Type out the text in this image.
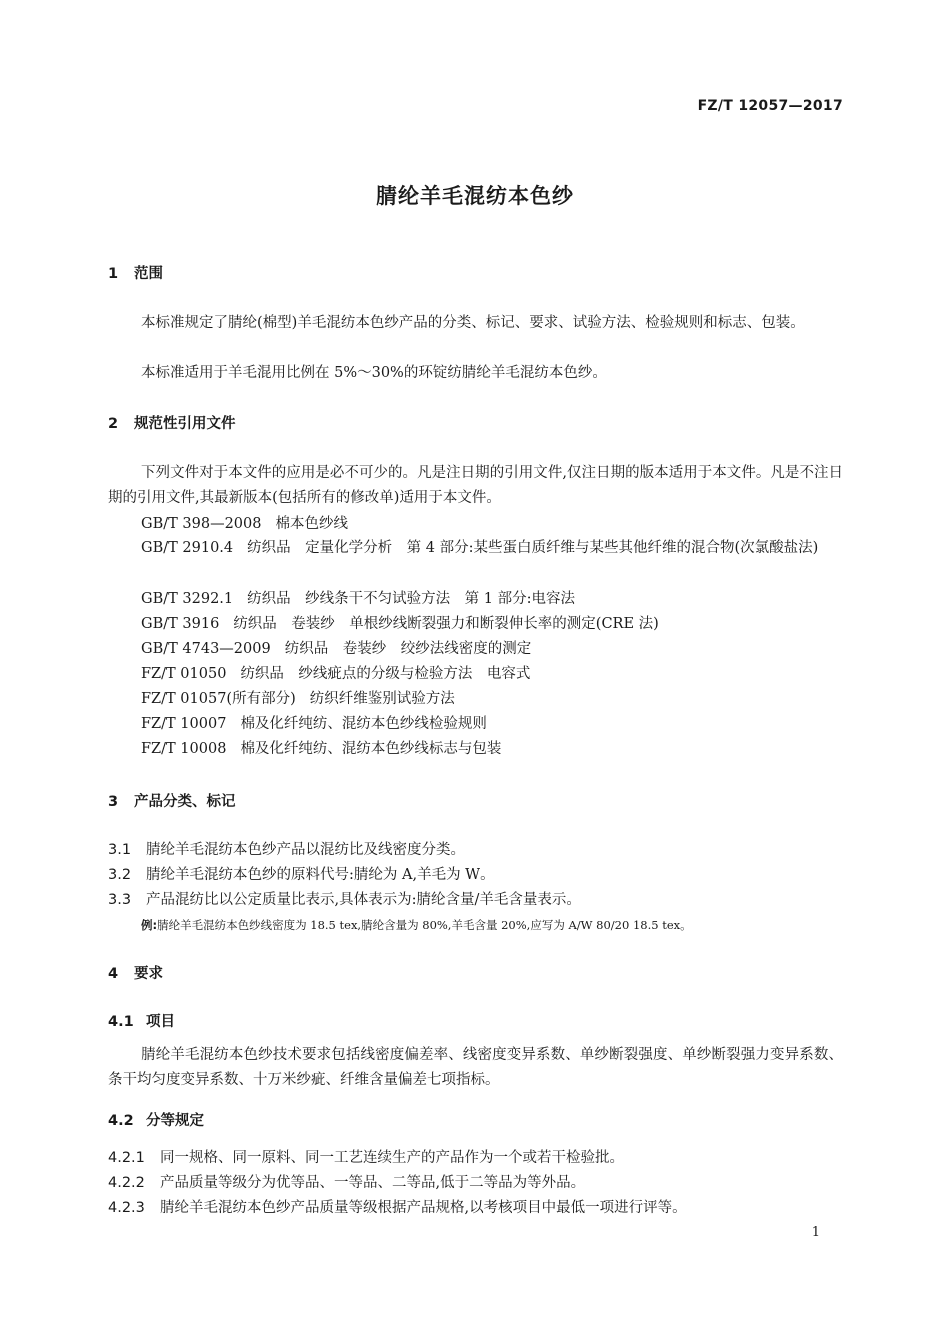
FZ/T 12057—2017
腈纶羊毛混纺本色纱
1 范围
本标准规定了腈纶(棉型)羊毛混纺本色纱产品的分类、标记、要求、试验方法、检验规则和标志、包装。
本标准适用于羊毛混用比例在 5%～30%的环锭纺腈纶羊毛混纺本色纱。
2 规范性引用文件
下列文件对于本文件的应用是必不可少的。凡是注日期的引用文件,仅注日期的版本适用于本文件。凡是不注日期的引用文件,其最新版本(包括所有的修改单)适用于本文件。
GB/T 398—2008 棉本色纱线
GB/T 2910.4 纺织品　定量化学分析　第 4 部分:某些蛋白质纤维与某些其他纤维的混合物(次氯酸盐法)
GB/T 3292.1 纺织品　纱线条干不匀试验方法　第 1 部分:电容法
GB/T 3916 纺织品　卷装纱　单根纱线断裂强力和断裂伸长率的测定(CRE 法)
GB/T 4743—2009 纺织品　卷装纱　绞纱法线密度的测定
FZ/T 01050 纺织品　纱线疵点的分级与检验方法　电容式
FZ/T 01057(所有部分) 纺织纤维鉴别试验方法
FZ/T 10007 棉及化纤纯纺、混纺本色纱线检验规则
FZ/T 10008 棉及化纤纯纺、混纺本色纱线标志与包装
3 产品分类、标记
3.1 腈纶羊毛混纺本色纱产品以混纺比及线密度分类。
3.2 腈纶羊毛混纺本色纱的原料代号:腈纶为 A,羊毛为 W。
3.3 产品混纺比以公定质量比表示,具体表示为:腈纶含量/羊毛含量表示。
例:腈纶羊毛混纺本色纱线密度为 18.5 tex,腈纶含量为 80%,羊毛含量 20%,应写为 A/W 80/20 18.5 tex。
4 要求
4.1 项目
腈纶羊毛混纺本色纱技术要求包括线密度偏差率、线密度变异系数、单纱断裂强度、单纱断裂强力变异系数、条干均匀度变异系数、十万米纱疵、纤维含量偏差七项指标。
4.2 分等规定
4.2.1 同一规格、同一原料、同一工艺连续生产的产品作为一个或若干检验批。
4.2.2 产品质量等级分为优等品、一等品、二等品,低于二等品为等外品。
4.2.3 腈纶羊毛混纺本色纱产品质量等级根据产品规格,以考核项目中最低一项进行评等。
1
